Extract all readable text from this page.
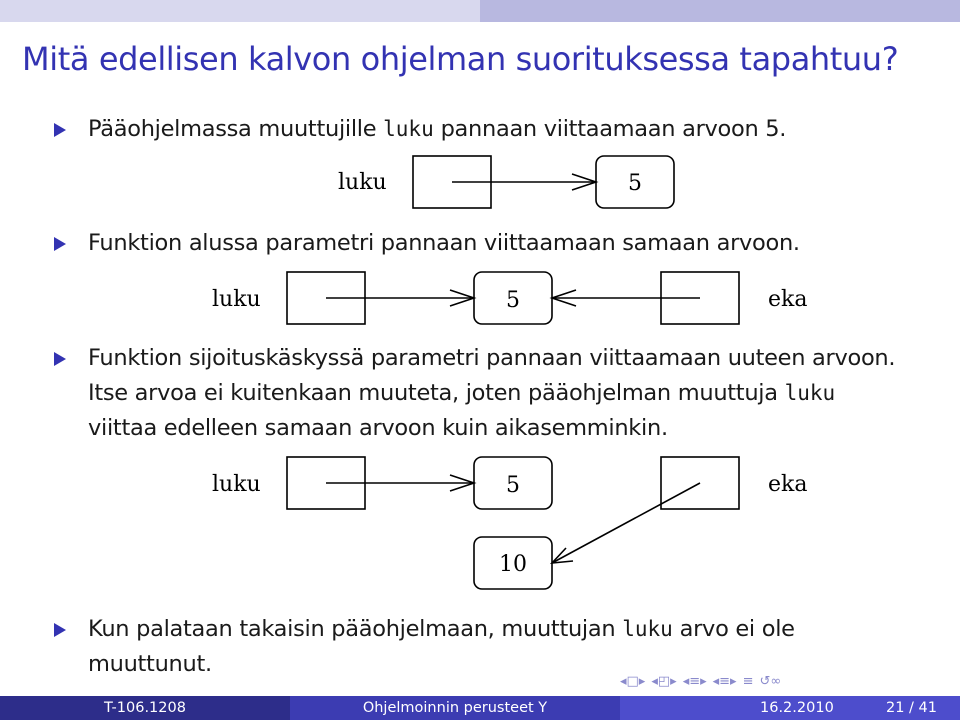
Mitä edellisen kalvon ohjelman suorituksessa tapahtuu?
Pääohjelmassa muuttujille luku pannaan viittaamaan arvoon 5.
luku	5
Funktion alussa parametri pannaan viittaamaan samaan arvoon.
luku	5	eka
Funktion sijoituskäskyssä parametri pannaan viittaamaan uuteen arvoon. Itse arvoa ei kuitenkaan muuteta, joten pääohjelman muuttuja luku viittaa edelleen samaan arvoon kuin aikasemminkin.
luku	5	eka
10
Kun palataan takaisin pääohjelmaan, muuttujan luku arvo ei ole muuttunut.
◂□▸ ◂◰▸ ◂≡▸ ◂≡▸ ≡ ↺∞
T-106.1208	Ohjelmoinnin perusteet Y	16.2.2010	21 / 41
